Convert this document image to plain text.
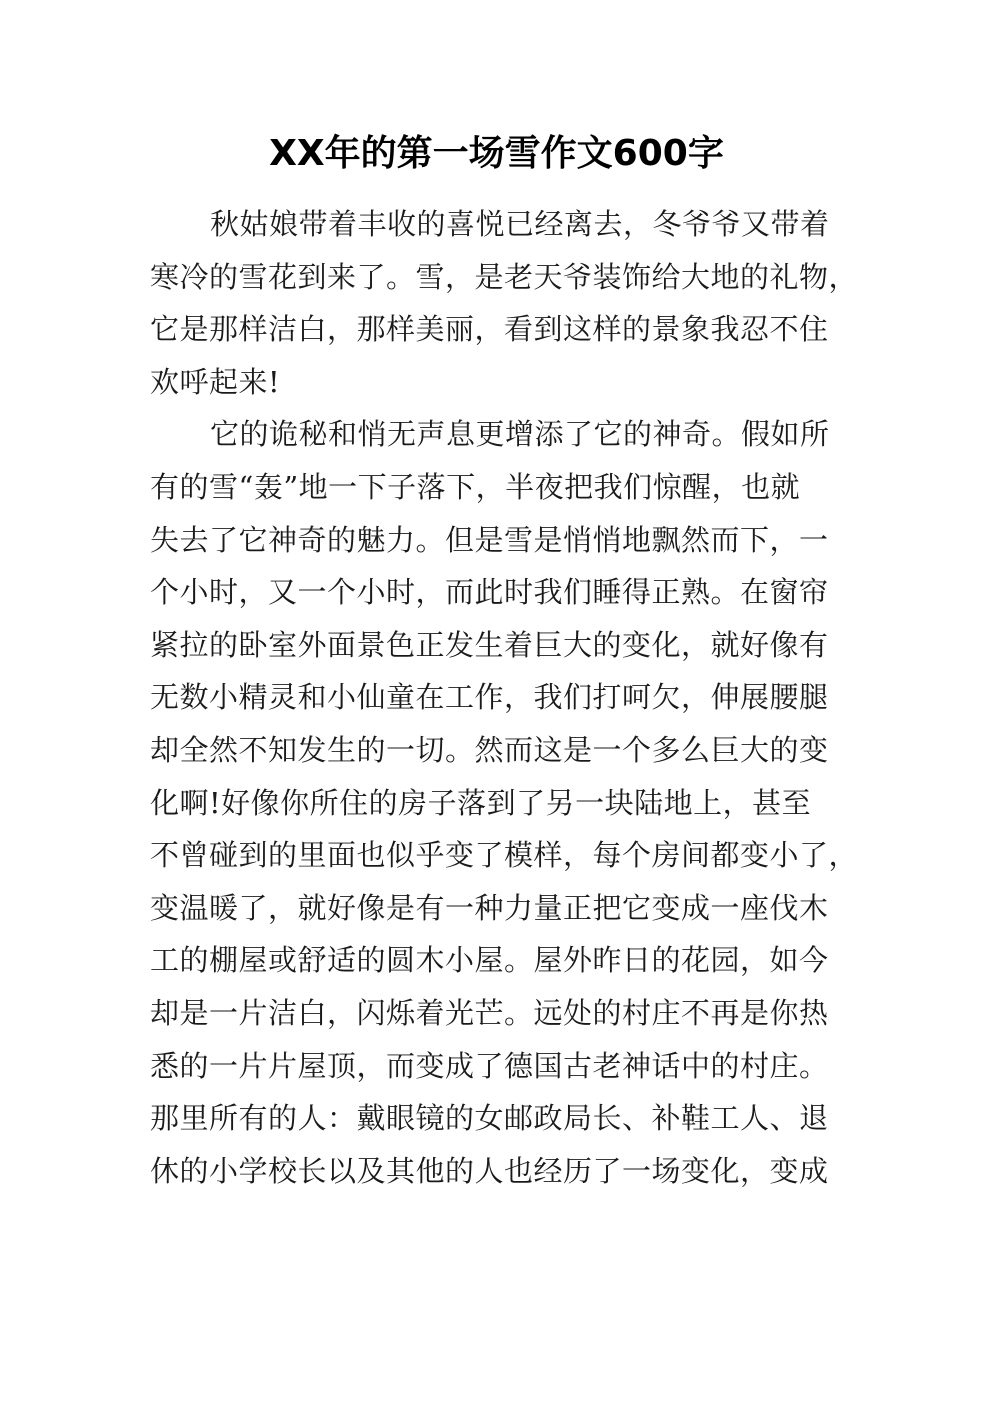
XX年的第一场雪作文600字
秋姑娘带着丰收的喜悦已经离去，冬爷爷又带着
寒冷的雪花到来了。雪，是老天爷装饰给大地的礼物，
它是那样洁白，那样美丽，看到这样的景象我忍不住
欢呼起来!
它的诡秘和悄无声息更增添了它的神奇。假如所
有的雪“轰”地一下子落下，半夜把我们惊醒，也就
失去了它神奇的魅力。但是雪是悄悄地飘然而下，一
个小时，又一个小时，而此时我们睡得正熟。在窗帘
紧拉的卧室外面景色正发生着巨大的变化，就好像有
无数小精灵和小仙童在工作，我们打呵欠，伸展腰腿
却全然不知发生的一切。然而这是一个多么巨大的变
化啊!好像你所住的房子落到了另一块陆地上，甚至
不曾碰到的里面也似乎变了模样，每个房间都变小了，
变温暖了，就好像是有一种力量正把它变成一座伐木
工的棚屋或舒适的圆木小屋。屋外昨日的花园，如今
却是一片洁白，闪烁着光芒。远处的村庄不再是你热
悉的一片片屋顶，而变成了德国古老神话中的村庄。
那里所有的人：戴眼镜的女邮政局长、补鞋工人、退
休的小学校长以及其他的人也经历了一场变化，变成
